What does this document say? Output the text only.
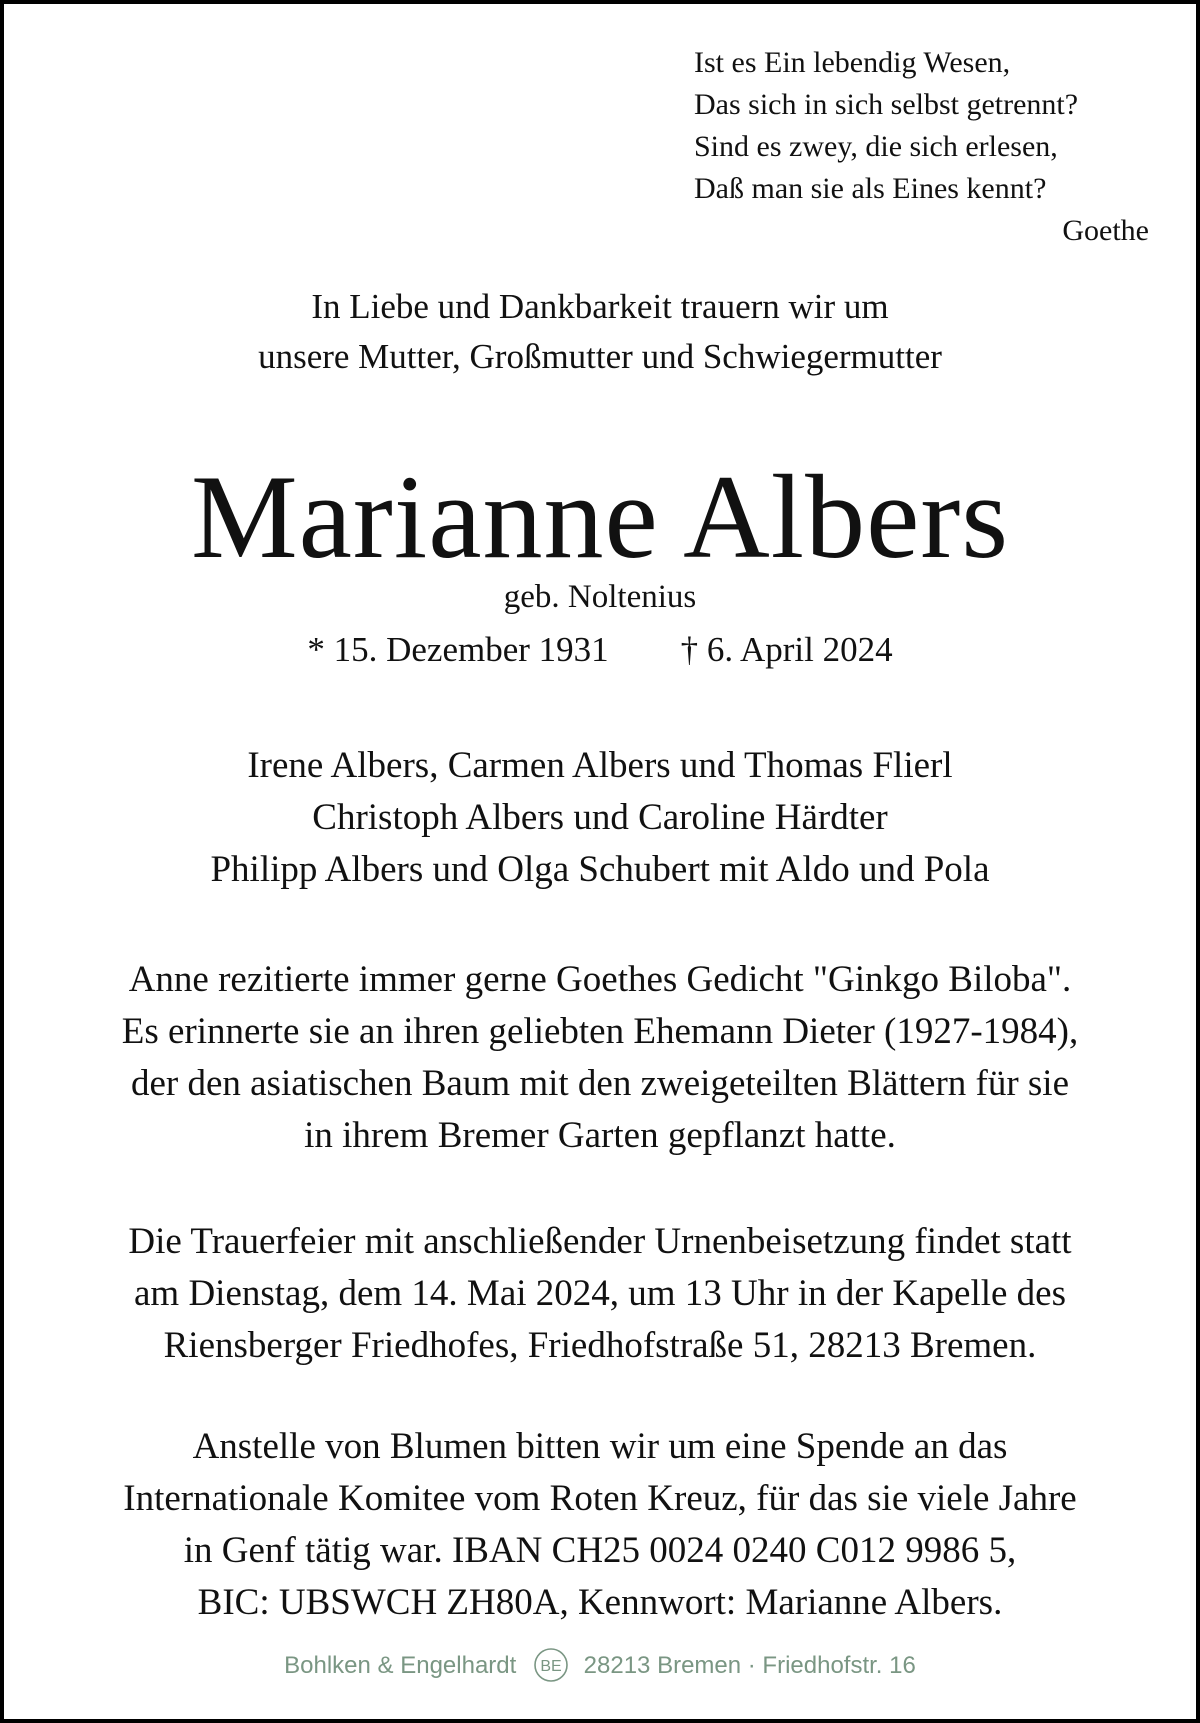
Ist es Ein lebendig Wesen,
Das sich in sich selbst getrennt?
Sind es zwey, die sich erlesen,
Daß man sie als Eines kennt?
Goethe
In Liebe und Dankbarkeit trauern wir um
unsere Mutter, Großmutter und Schwiegermutter
Marianne Albers
geb. Noltenius
* 15. Dezember 1931 † 6. April 2024
Irene Albers, Carmen Albers und Thomas Flierl
Christoph Albers und Caroline Härdter
Philipp Albers und Olga Schubert mit Aldo und Pola
Anne rezitierte immer gerne Goethes Gedicht "Ginkgo Biloba".
Es erinnerte sie an ihren geliebten Ehemann Dieter (1927-1984),
der den asiatischen Baum mit den zweigeteilten Blättern für sie
in ihrem Bremer Garten gepflanzt hatte.
Die Trauerfeier mit anschließender Urnenbeisetzung findet statt
am Dienstag, dem 14. Mai 2024, um 13 Uhr in der Kapelle des
Riensberger Friedhofes, Friedhofstraße 51, 28213 Bremen.
Anstelle von Blumen bitten wir um eine Spende an das
Internationale Komitee vom Roten Kreuz, für das sie viele Jahre
in Genf tätig war. IBAN CH25 0024 0240 C012 9986 5,
BIC: UBSWCH ZH80A, Kennwort: Marianne Albers.
Bohlken & Engelhardt BE 28213 Bremen · Friedhofstr. 16
